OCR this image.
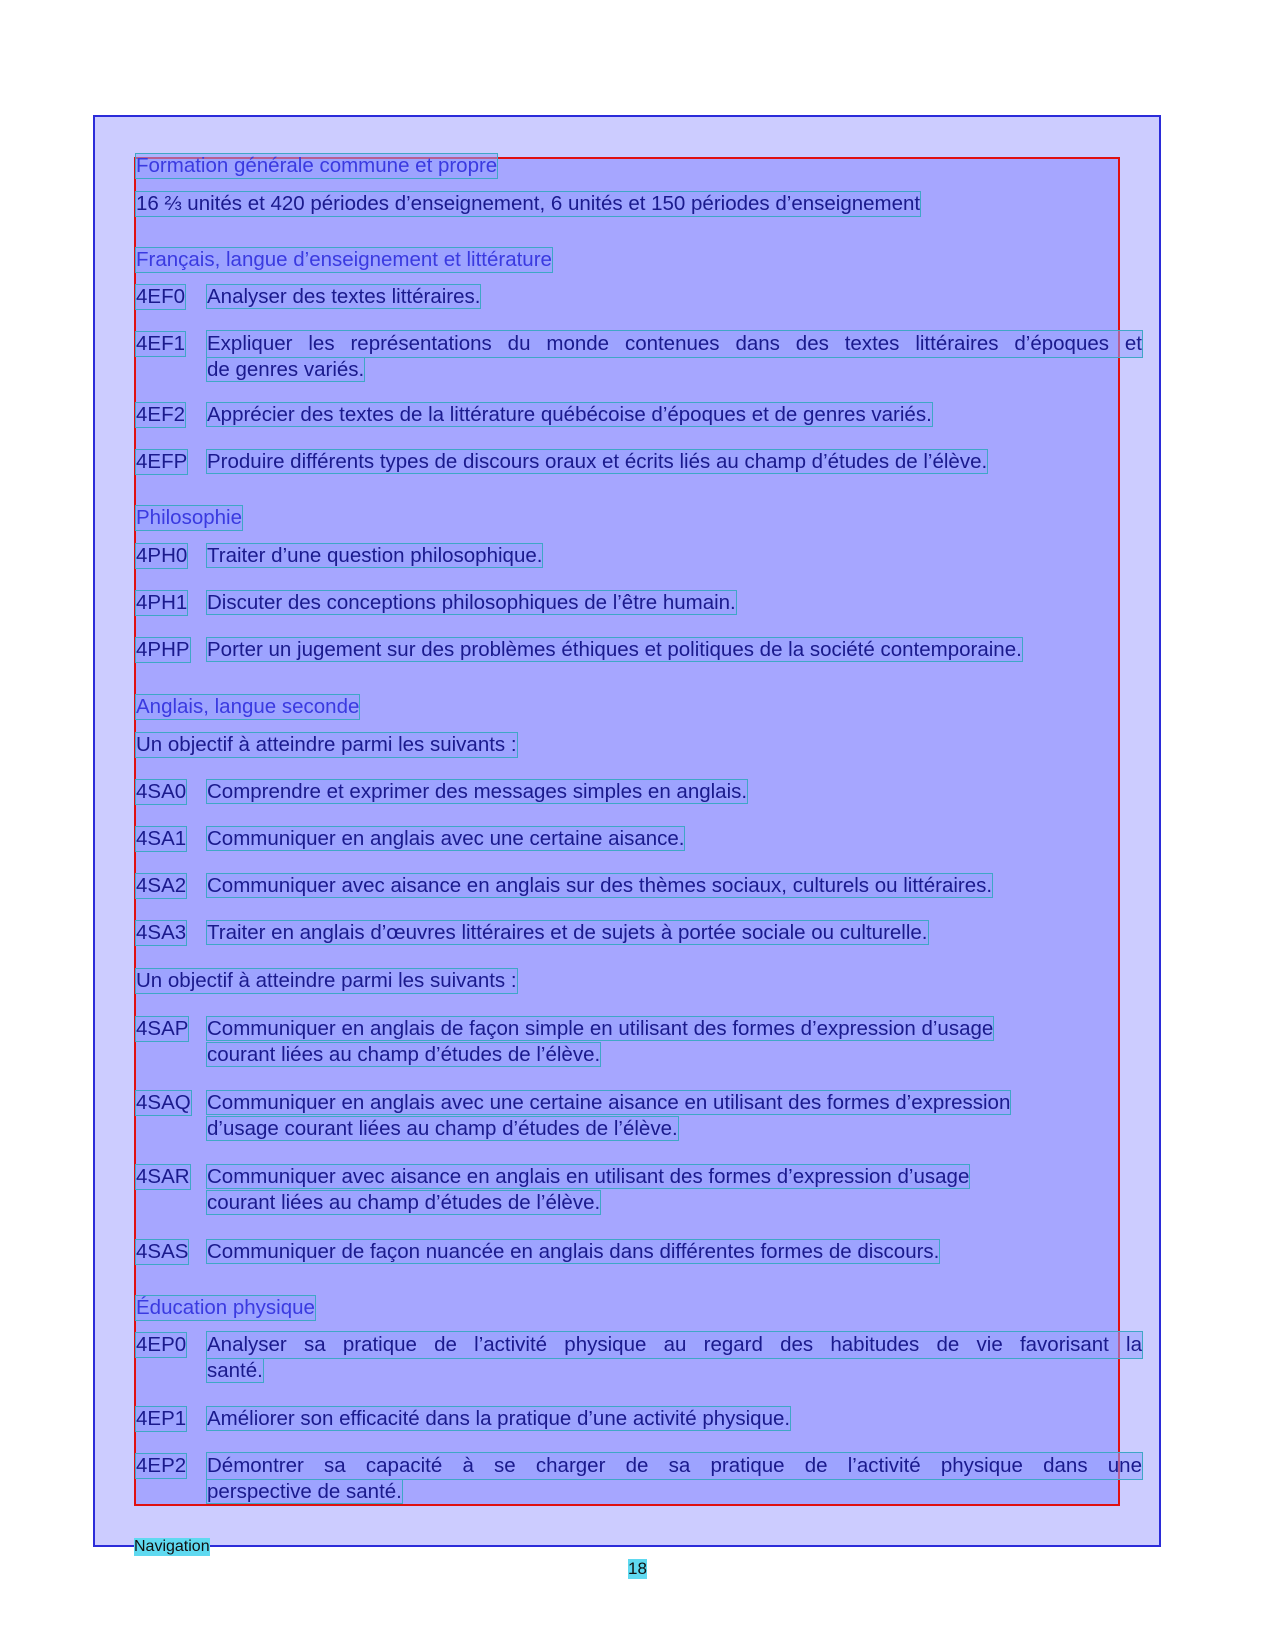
Formation générale commune et propre
16 ⅔ unités et 420 périodes d’enseignement, 6 unités et 150 périodes d’enseignement
Français, langue d’enseignement et littérature
4EF0 Analyser des textes littéraires.
4EF1 Expliquer les représentations du monde contenues dans des textes littéraires d’époques et
de genres variés.
4EF2 Apprécier des textes de la littérature québécoise d’époques et de genres variés.
4EFP Produire différents types de discours oraux et écrits liés au champ d’études de l’élève.
Philosophie
4PH0 Traiter d’une question philosophique.
4PH1 Discuter des conceptions philosophiques de l’être humain.
4PHP Porter un jugement sur des problèmes éthiques et politiques de la société contemporaine.
Anglais, langue seconde
Un objectif à atteindre parmi les suivants :
4SA0 Comprendre et exprimer des messages simples en anglais.
4SA1 Communiquer en anglais avec une certaine aisance.
4SA2 Communiquer avec aisance en anglais sur des thèmes sociaux, culturels ou littéraires.
4SA3 Traiter en anglais d’œuvres littéraires et de sujets à portée sociale ou culturelle.
Un objectif à atteindre parmi les suivants :
4SAP Communiquer en anglais de façon simple en utilisant des formes d’expression d’usage
courant liées au champ d’études de l’élève.
4SAQ Communiquer en anglais avec une certaine aisance en utilisant des formes d’expression
d’usage courant liées au champ d’études de l’élève.
4SAR Communiquer avec aisance en anglais en utilisant des formes d’expression d’usage
courant liées au champ d’études de l’élève.
4SAS Communiquer de façon nuancée en anglais dans différentes formes de discours.
Éducation physique
4EP0 Analyser sa pratique de l’activité physique au regard des habitudes de vie favorisant la
santé.
4EP1 Améliorer son efficacité dans la pratique d’une activité physique.
4EP2 Démontrer sa capacité à se charger de sa pratique de l’activité physique dans une
perspective de santé.
Navigation
18
